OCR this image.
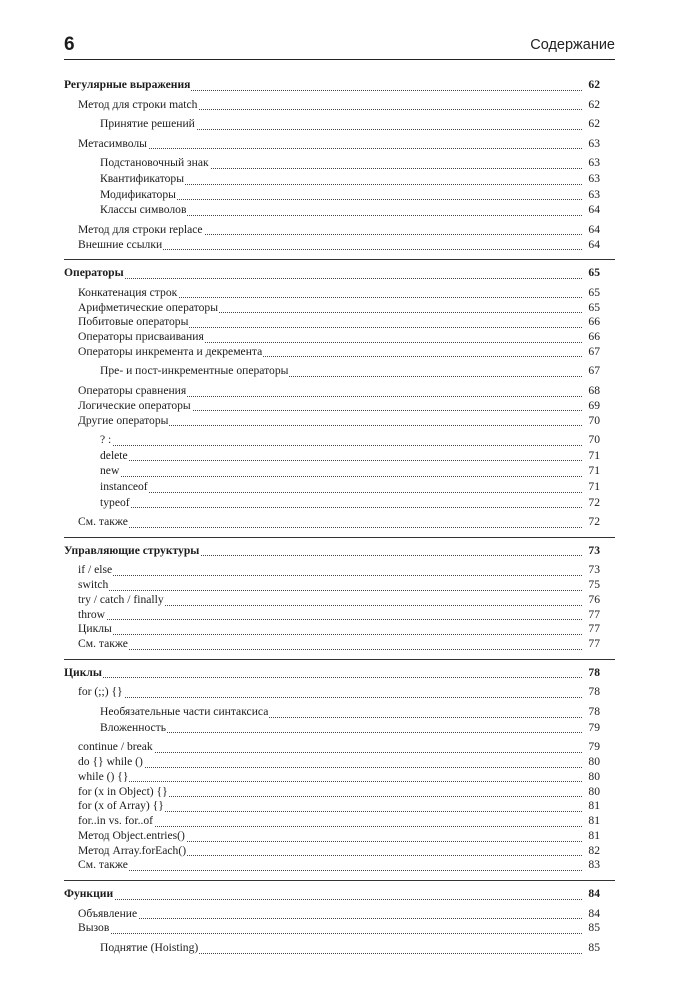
6	Содержание
Регулярные выражения	62
Метод для строки match	62
Принятие решений	62
Метасимволы	63
Подстановочный знак	63
Квантификаторы	63
Модификаторы	63
Классы символов	64
Метод для строки replace	64
Внешние ссылки	64
Операторы	65
Конкатенация строк	65
Арифметические операторы	65
Побитовые операторы	66
Операторы присваивания	66
Операторы инкремента и декремента	67
Пре- и пост-инкрементные операторы	67
Операторы сравнения	68
Логические операторы	69
Другие операторы	70
? :	70
delete	71
new	71
instanceof	71
typeof	72
См. также	72
Управляющие структуры	73
if / else	73
switch	75
try / catch / finally	76
throw	77
Циклы	77
См. также	77
Циклы	78
for (;;) {}	78
Необязательные части синтаксиса	78
Вложенность	79
continue / break	79
do {} while ()	80
while () {}	80
for (x in Object) {}	80
for (x of Array) {}	81
for..in vs. for..of	81
Метод Object.entries()	81
Метод Array.forEach()	82
См. также	83
Функции	84
Объявление	84
Вызов	85
Поднятие (Hoisting)	85
